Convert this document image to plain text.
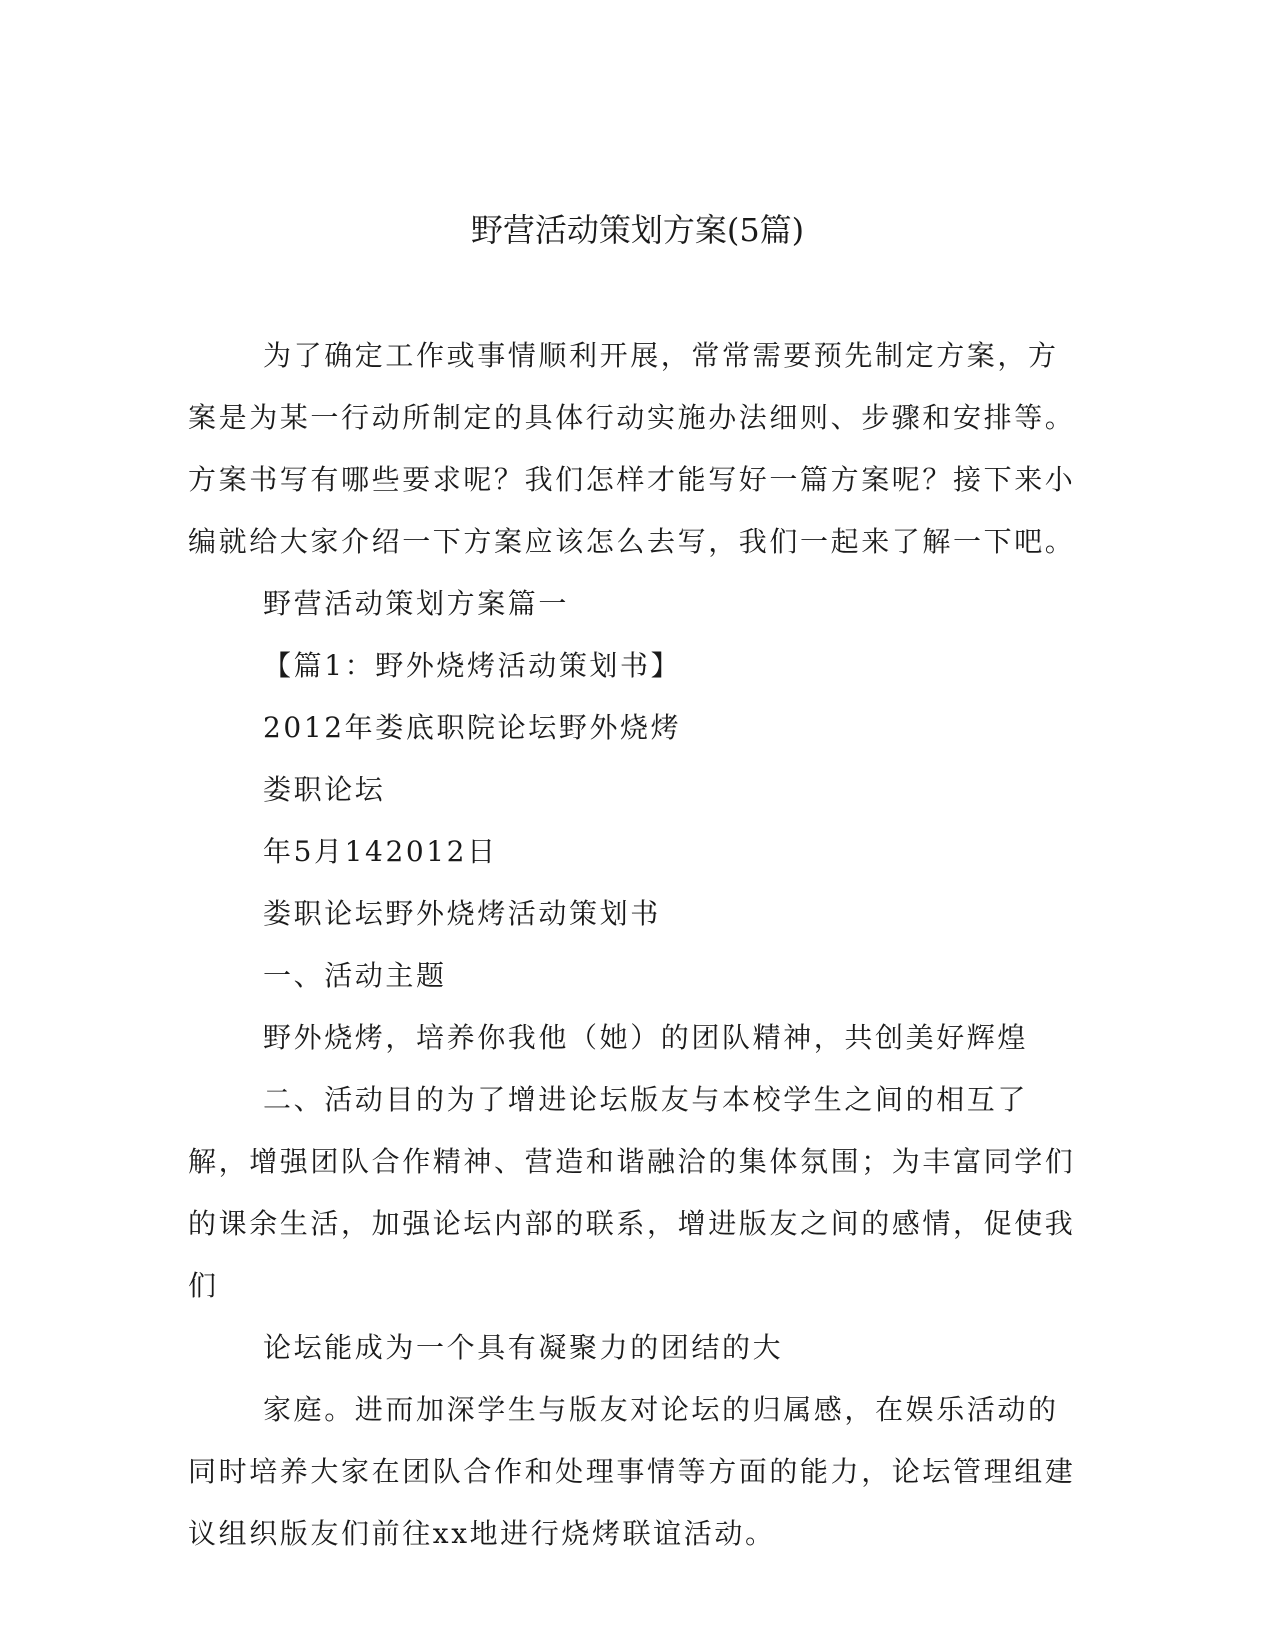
野营活动策划方案(5篇)

为了确定工作或事情顺利开展，常常需要预先制定方案，方案是为某一行动所制定的具体行动实施办法细则、步骤和安排等。方案书写有哪些要求呢？我们怎样才能写好一篇方案呢？接下来小编就给大家介绍一下方案应该怎么去写，我们一起来了解一下吧。

野营活动策划方案篇一

【篇1：野外烧烤活动策划书】

2012年娄底职院论坛野外烧烤

娄职论坛

年5月142012日

娄职论坛野外烧烤活动策划书

一、活动主题

野外烧烤，培养你我他（她）的团队精神，共创美好辉煌

二、活动目的为了增进论坛版友与本校学生之间的相互了解，增强团队合作精神、营造和谐融洽的集体氛围；为丰富同学们的课余生活，加强论坛内部的联系，增进版友之间的感情，促使我们

论坛能成为一个具有凝聚力的团结的大

家庭。进而加深学生与版友对论坛的归属感，在娱乐活动的同时培养大家在团队合作和处理事情等方面的能力，论坛管理组建议组织版友们前往xx地进行烧烤联谊活动。
